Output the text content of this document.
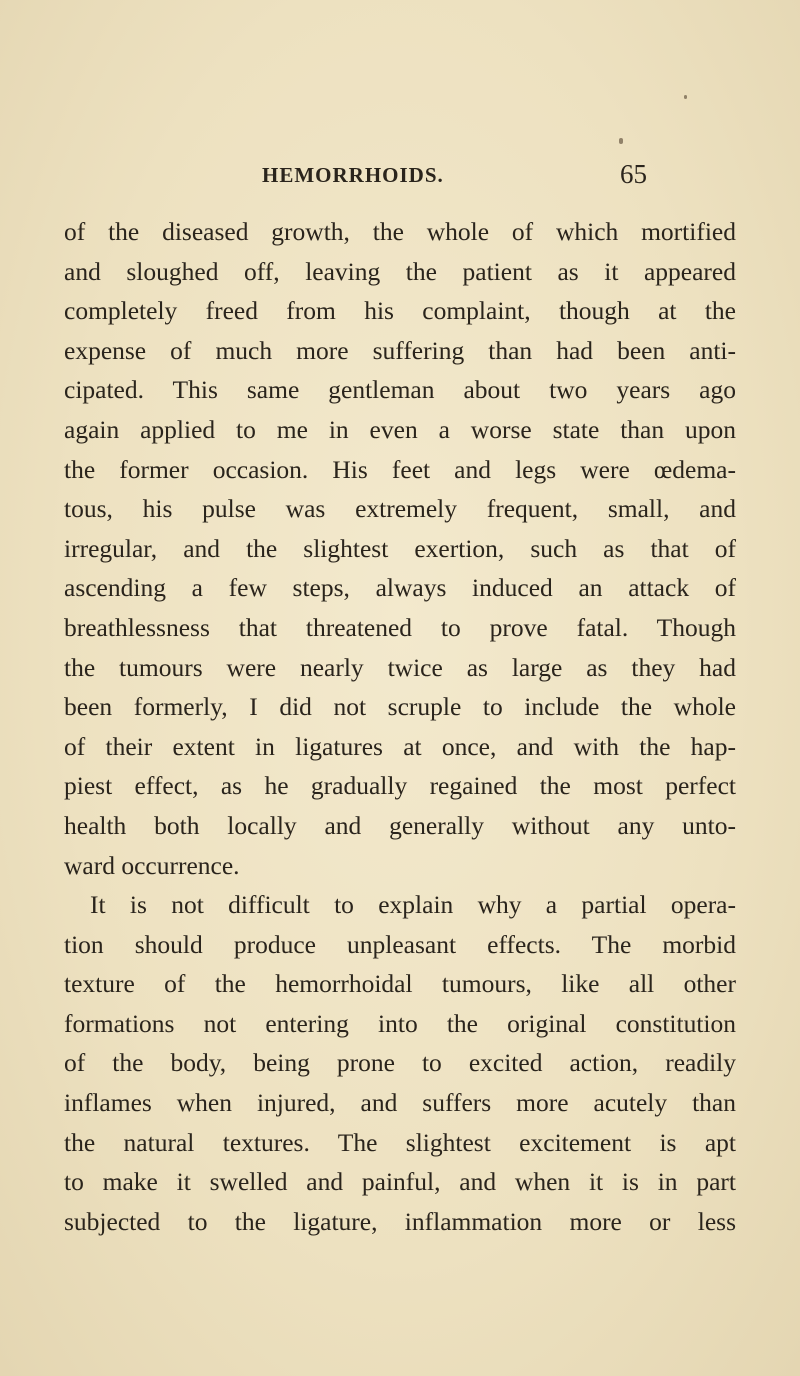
HEMORRHOIDS.	65
of the diseased growth, the whole of which mortified
and sloughed off, leaving the patient as it appeared
completely freed from his complaint, though at the
expense of much more suffering than had been anti-
cipated. This same gentleman about two years ago
again applied to me in even a worse state than upon
the former occasion. His feet and legs were œdema-
tous, his pulse was extremely frequent, small, and
irregular, and the slightest exertion, such as that of
ascending a few steps, always induced an attack of
breathlessness that threatened to prove fatal. Though
the tumours were nearly twice as large as they had
been formerly, I did not scruple to include the whole
of their extent in ligatures at once, and with the hap-
piest effect, as he gradually regained the most perfect
health both locally and generally without any unto-
ward occurrence.
It is not difficult to explain why a partial opera-
tion should produce unpleasant effects. The morbid
texture of the hemorrhoidal tumours, like all other
formations not entering into the original constitution
of the body, being prone to excited action, readily
inflames when injured, and suffers more acutely than
the natural textures. The slightest excitement is apt
to make it swelled and painful, and when it is in part
subjected to the ligature, inflammation more or less
